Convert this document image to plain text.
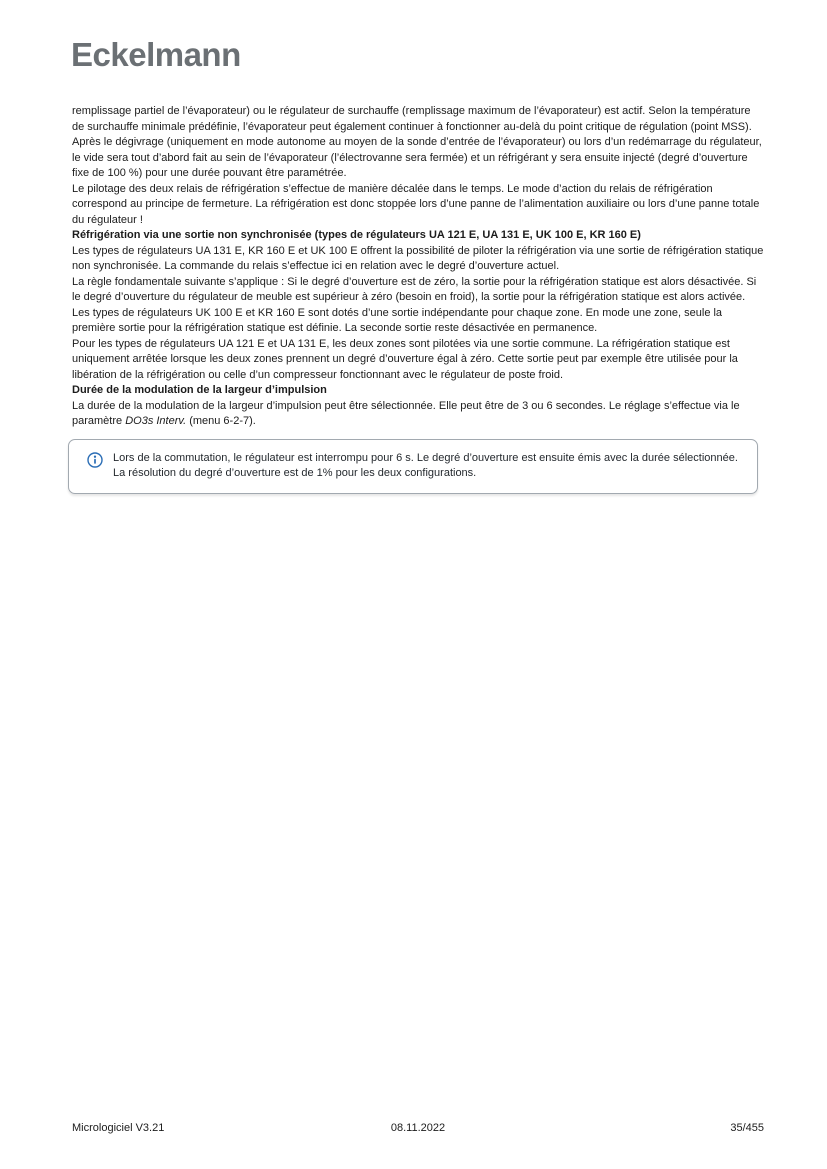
Eckelmann

remplissage partiel de l’évaporateur) ou le régulateur de surchauffe (remplissage maximum de l’évaporateur) est actif. Selon la température de surchauffe minimale prédéfinie, l’évaporateur peut également continuer à fonctionner au-delà du point critique de régulation (point MSS).

Après le dégivrage (uniquement en mode autonome au moyen de la sonde d’entrée de l’évaporateur) ou lors d’un redémarrage du régulateur, le vide sera tout d’abord fait au sein de l’évaporateur (l’électrovanne sera fermée) et un réfrigérant y sera ensuite injecté (degré d’ouverture fixe de 100 %) pour une durée pouvant être paramétrée.

Le pilotage des deux relais de réfrigération s’effectue de manière décalée dans le temps. Le mode d’action du relais de réfrigération correspond au principe de fermeture. La réfrigération est donc stoppée lors d’une panne de l’alimentation auxiliaire ou lors d’une panne totale du régulateur !

Réfrigération via une sortie non synchronisée (types de régulateurs UA 121 E, UA 131 E, UK 100 E, KR 160 E)

Les types de régulateurs UA 131 E, KR 160 E et UK 100 E offrent la possibilité de piloter la réfrigération via une sortie de réfrigération statique non synchronisée. La commande du relais s’effectue ici en relation avec le degré d’ouverture actuel.

La règle fondamentale suivante s’applique : Si le degré d’ouverture est de zéro, la sortie pour la réfrigération statique est alors désactivée. Si le degré d’ouverture du régulateur de meuble est supérieur à zéro (besoin en froid), la sortie pour la réfrigération statique est alors activée. Les types de régulateurs UK 100 E et KR 160 E sont dotés d’une sortie indépendante pour chaque zone. En mode une zone, seule la première sortie pour la réfrigération statique est définie. La seconde sortie reste désactivée en permanence.

Pour les types de régulateurs UA 121 E et UA 131 E, les deux zones sont pilotées via une sortie commune. La réfrigération statique est uniquement arrêtée lorsque les deux zones prennent un degré d’ouverture égal à zéro. Cette sortie peut par exemple être utilisée pour la libération de la réfrigération ou celle d’un compresseur fonctionnant avec le régulateur de poste froid.

Durée de la modulation de la largeur d’impulsion

La durée de la modulation de la largeur d’impulsion peut être sélectionnée. Elle peut être de 3 ou 6 secondes. Le réglage s’effectue via le paramètre DO3s Interv. (menu 6-2-7).

Lors de la commutation, le régulateur est interrompu pour 6 s. Le degré d’ouverture est ensuite émis avec la durée sélectionnée. La résolution du degré d’ouverture est de 1% pour les deux configurations.
Micrologiciel V3.21	08.11.2022	35/455
